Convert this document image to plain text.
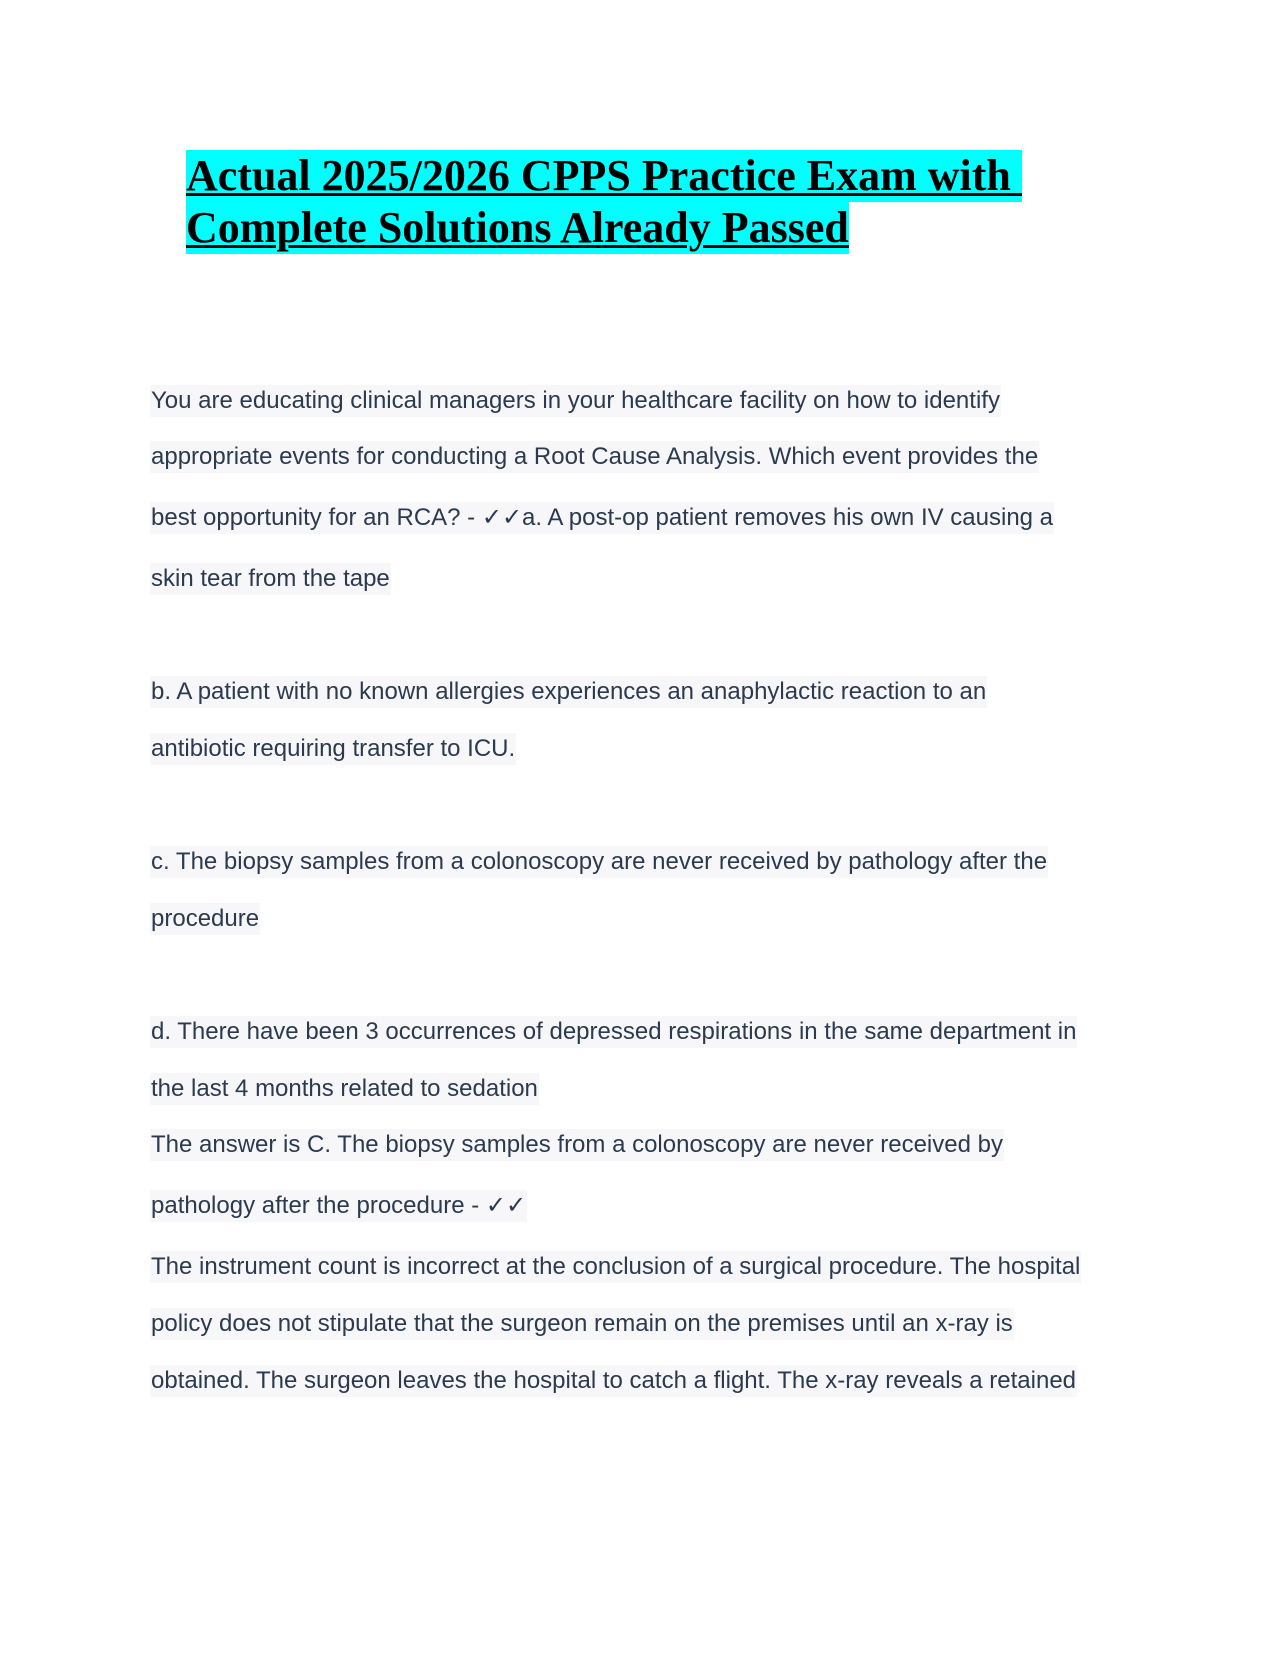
Actual 2025/2026 CPPS Practice Exam with
Complete Solutions Already Passed
You are educating clinical managers in your healthcare facility on how to identify
appropriate events for conducting a Root Cause Analysis. Which event provides the
best opportunity for an RCA? - ✓✓a. A post-op patient removes his own IV causing a
skin tear from the tape
b. A patient with no known allergies experiences an anaphylactic reaction to an
antibiotic requiring transfer to ICU.
c. The biopsy samples from a colonoscopy are never received by pathology after the
procedure
d. There have been 3 occurrences of depressed respirations in the same department in
the last 4 months related to sedation
The answer is C. The biopsy samples from a colonoscopy are never received by
pathology after the procedure - ✓✓
The instrument count is incorrect at the conclusion of a surgical procedure. The hospital
policy does not stipulate that the surgeon remain on the premises until an x-ray is
obtained. The surgeon leaves the hospital to catch a flight. The x-ray reveals a retained
